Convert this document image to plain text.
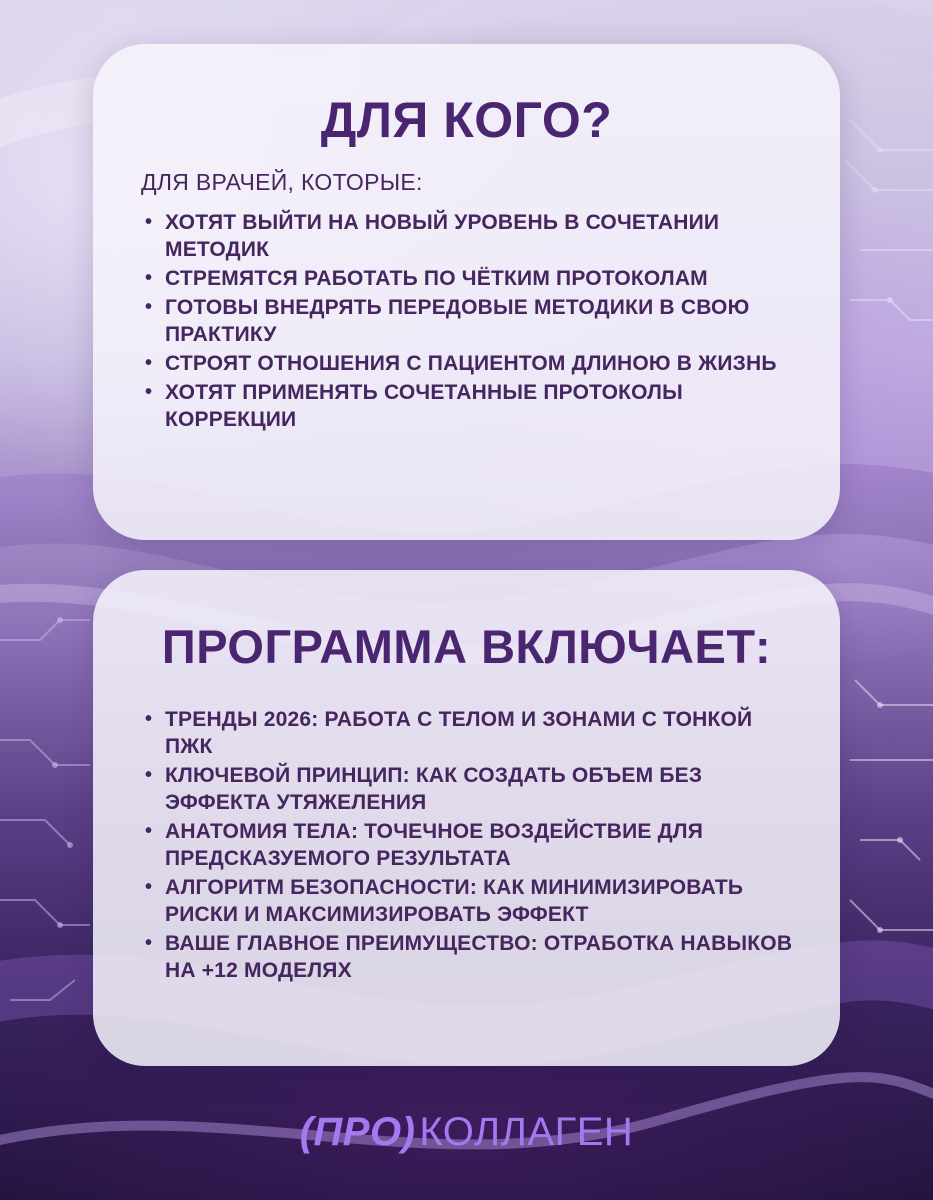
ДЛЯ КОГО?

ДЛЯ ВРАЧЕЙ, КОТОРЫЕ:

• ХОТЯТ ВЫЙТИ НА НОВЫЙ УРОВЕНЬ В СОЧЕТАНИИ МЕТОДИК
• СТРЕМЯТСЯ РАБОТАТЬ ПО ЧЁТКИМ ПРОТОКОЛАМ
• ГОТОВЫ ВНЕДРЯТЬ ПЕРЕДОВЫЕ МЕТОДИКИ В СВОЮ ПРАКТИКУ
• СТРОЯТ ОТНОШЕНИЯ С ПАЦИЕНТОМ ДЛИНОЮ В ЖИЗНЬ
• ХОТЯТ ПРИМЕНЯТЬ СОЧЕТАННЫЕ ПРОТОКОЛЫ КОРРЕКЦИИ
ПРОГРАММА ВКЛЮЧАЕТ:
• ТРЕНДЫ 2026: РАБОТА С ТЕЛОМ И ЗОНАМИ С ТОНКОЙ ПЖК
• КЛЮЧЕВОЙ ПРИНЦИП: КАК СОЗДАТЬ ОБЪЕМ БЕЗ ЭФФЕКТА УТЯЖЕЛЕНИЯ
• АНАТОМИЯ ТЕЛА: ТОЧЕЧНОЕ ВОЗДЕЙСТВИЕ ДЛЯ ПРЕДСКАЗУЕМОГО РЕЗУЛЬТАТА
• АЛГОРИТМ БЕЗОПАСНОСТИ: КАК МИНИМИЗИРОВАТЬ РИСКИ И МАКСИМИЗИРОВАТЬ ЭФФЕКТ
• ВАШЕ ГЛАВНОЕ ПРЕИМУЩЕСТВО: ОТРАБОТКА НАВЫКОВ НА +12 МОДЕЛЯХ
(ПРО) КОЛЛАГЕН
